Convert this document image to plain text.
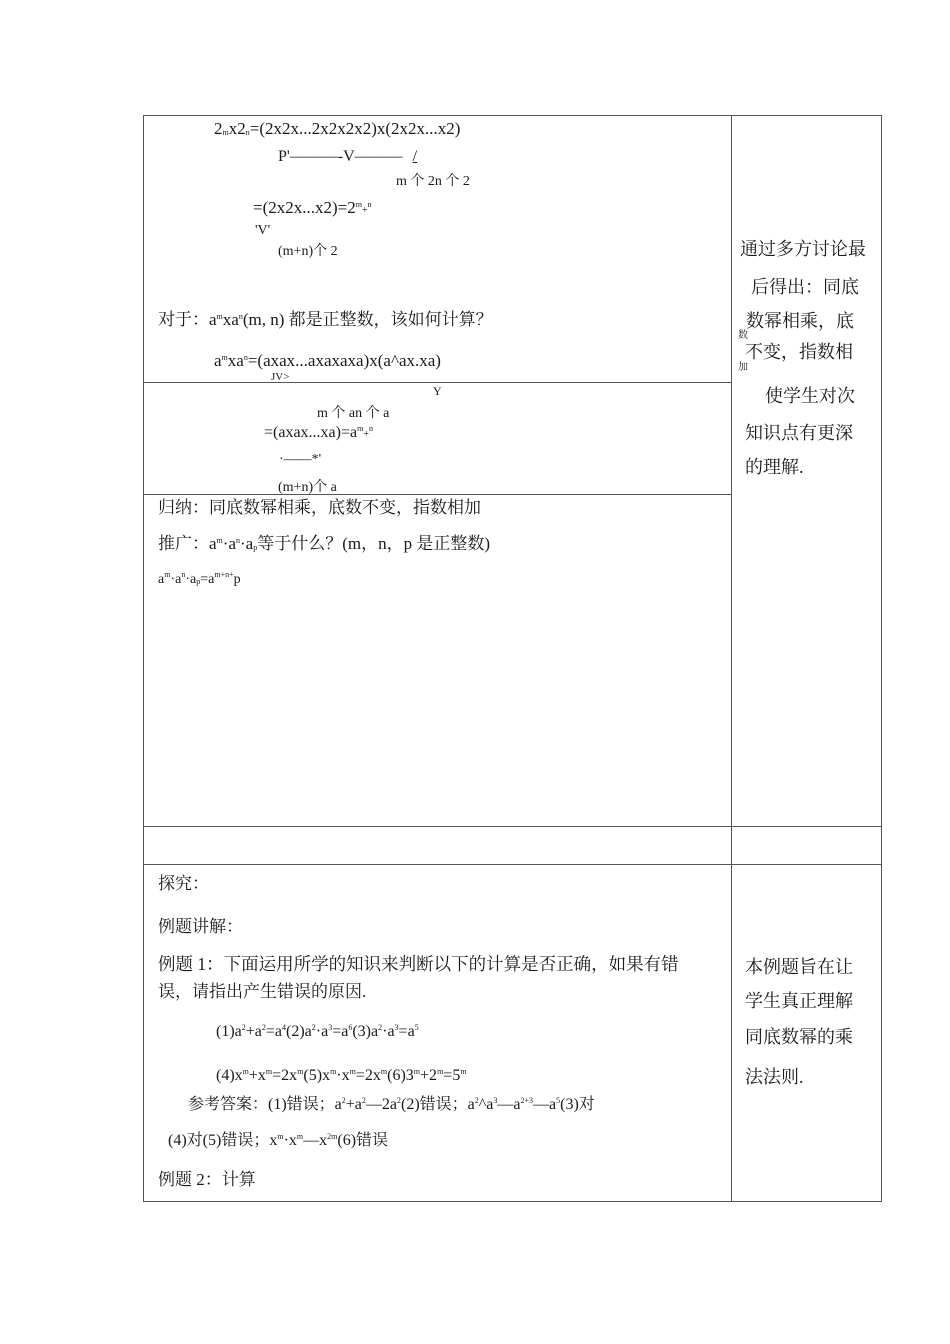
$2_mx2_n=(2x2x...2x2x2x2)x(2x2x...x2)$
P'———-V——— /
m 个 2n 个 2
$=(2x2x...x2)=2^m+^n$
'V'
(m+n)个 2
对于：$a^mxa^n(m$, n) 都是正整数，该如何计算？
$a^mxa^n=(axax...axaxaxa)x(a\^{}ax.xa)$
JV>
Y
m 个 an 个 a
$=(axax...xa)=a^m+^n$
·——*'
(m+n)个 a
归纳：同底数幂相乘，底数不变，指数相加
推广：$a^m\cdot a^n\cdot a_p$等于什么？(m，n，p 是正整数)
$a^m\cdot a^n\cdot a_p=a^{m+n+}p$
通过多方讨论最
后得出：同底
数幂相乘，底
数
不变，指数相
加
使学生对次
知识点有更深
的理解.
探究：
例题讲解：
例题 1：下面运用所学的知识来判断以下的计算是否正确，如果有错
误，请指出产生错误的原因.
$(1)a^2+a^2=a^4(2)a^2\cdot a^3=a^6(3)a^2\cdot a^3=a^5$
$(4)x^m+x^m=2x^m(5)x^m\cdot x^m=2x^m(6)3^m+2^m=5^m$
参考答案：(1)错误；$a^2+a^2—2a^2(2)$错误；$a^2\^{}a^3—a^{2+3}—a^5(3)$对
(4)对(5)错误；$x^m\cdot x^m—x^{2m}(6)$错误
例题 2：计算
本例题旨在让
学生真正理解
同底数幂的乘
法法则.
